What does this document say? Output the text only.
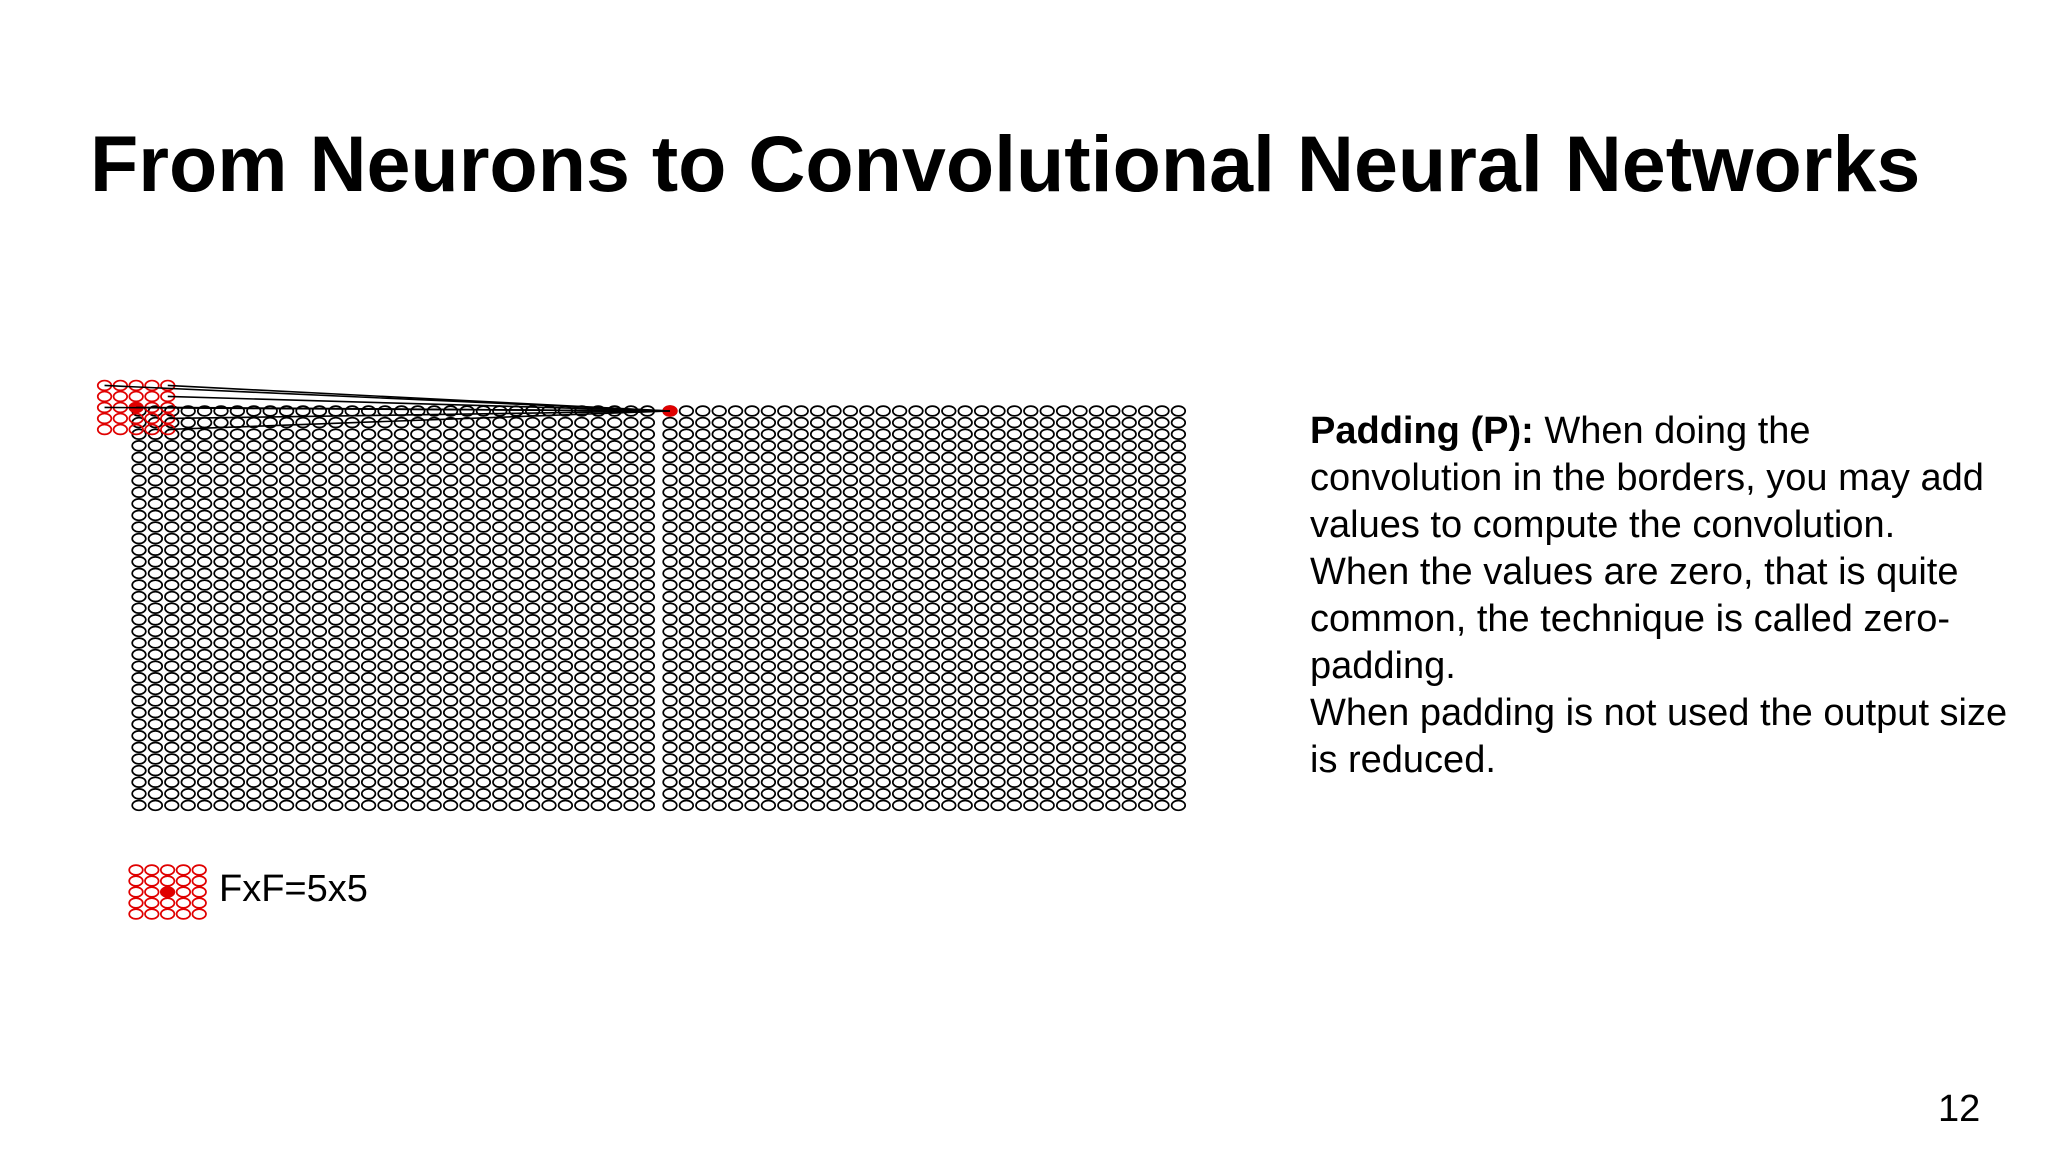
From Neurons to Convolutional Neural Networks
FxF=5x5

Padding (P): When doing the convolution in the borders, you may add values to compute the convolution.

When the values are zero, that is quite common, the technique is called zero-padding.

When padding is not used the output size is reduced.

12
